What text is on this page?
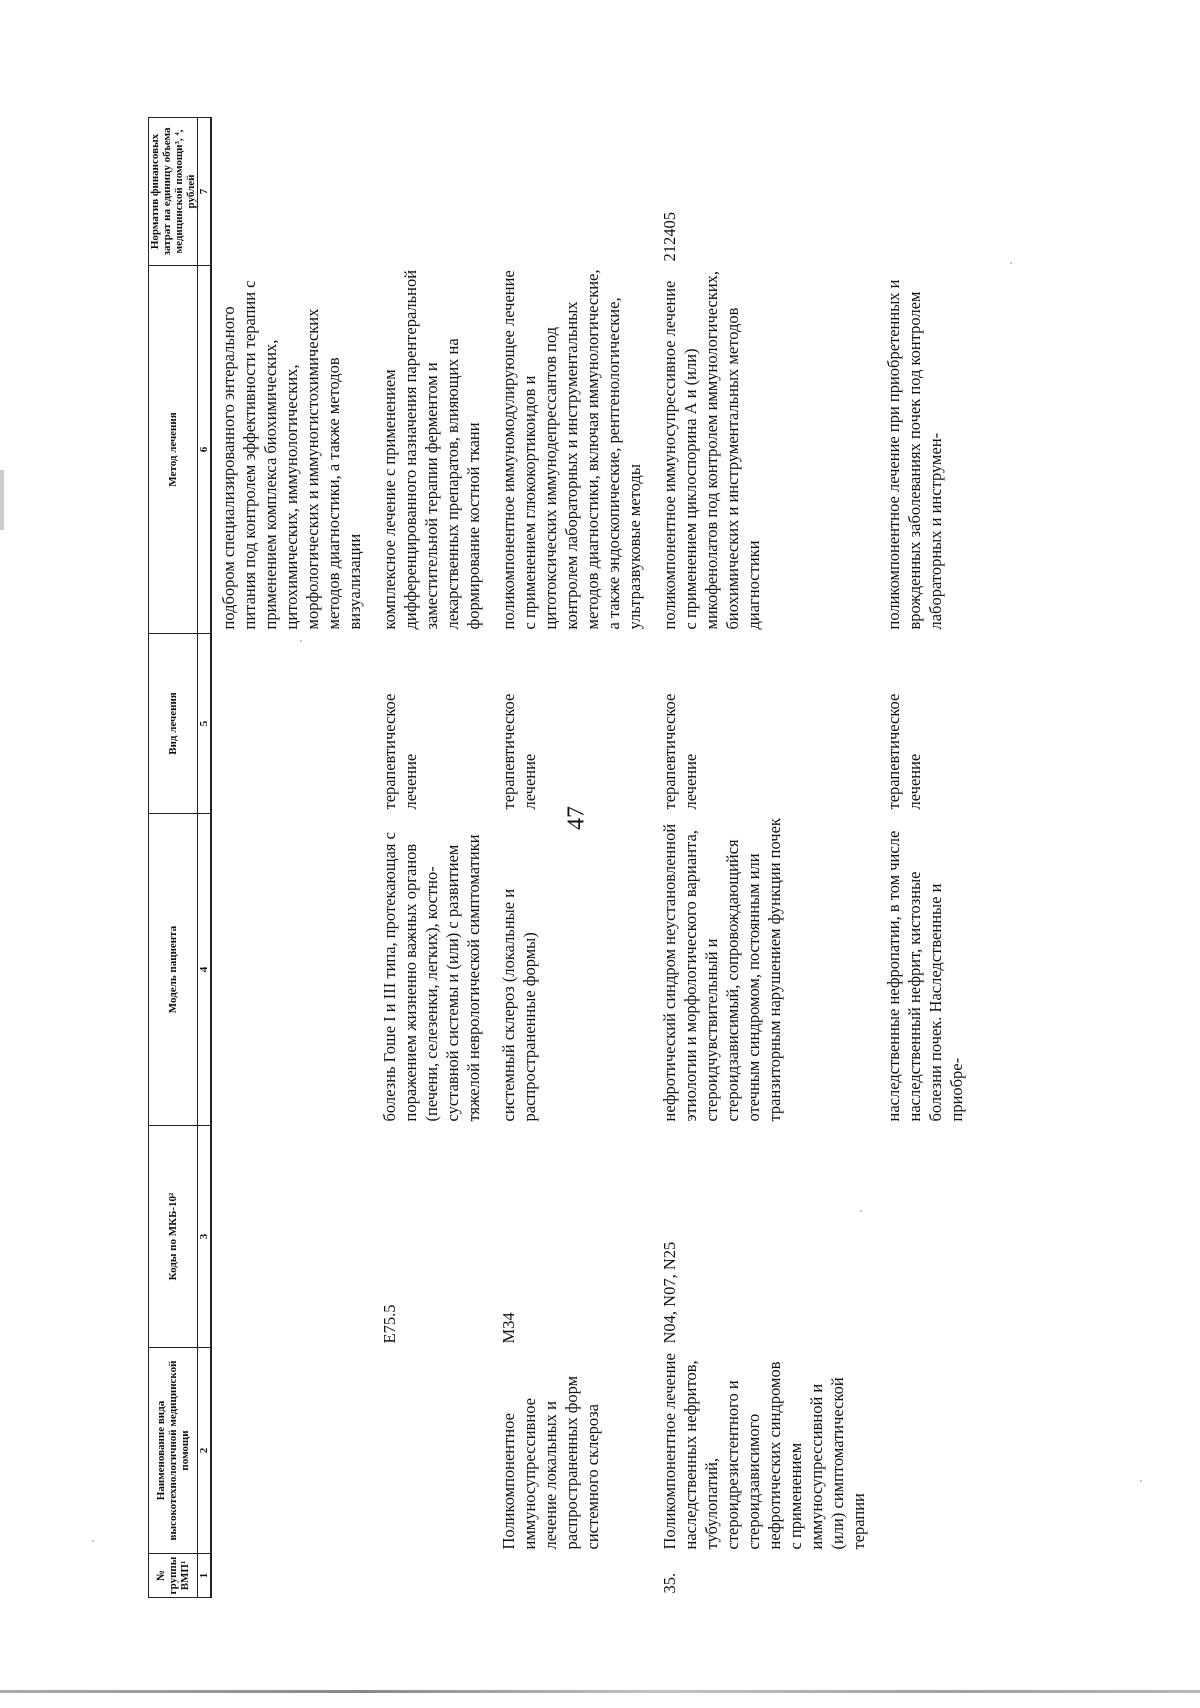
47
№ группы ВМП¹	Наименование вида высокотехнологичной медицинской помощи	Коды по МКБ-10²	Модель пациента	Вид лечения	Метод лечения	Норматив финансовых затрат на единицу объема медицинской помощи³, ⁴, рублей
1	2	3	4	5	6	7
					подбором специализированного энтерального питания под контролем эффективности терапии с применением комплекса биохимических, цитохимических, иммунологических, морфологических и иммуногистохимических методов диагностики, а также методов визуализации	
		E75.5	болезнь Гоше I и III типа, протекающая с поражением жизненно важных органов (печени, селезенки, легких), костно-суставной системы и (или) с развитием тяжелой неврологической симптоматики	терапевтическое лечение	комплексное лечение с применением дифференцированного назначения парентеральной заместительной терапии ферментом и лекарственных препаратов, влияющих на формирование костной ткани	
	Поликомпонентное иммуносупрессивное лечение локальных и распространенных форм системного склероза	M34	системный склероз (локальные и распространенные формы)	терапевтическое лечение	поликомпонентное иммуномодулирующее лечение с применением глюкокортикоидов и цитотоксических иммунодепрессантов под контролем лабораторных и инструментальных методов диагностики, включая иммунологические, а также эндоскопические, рентгенологические, ультразвуковые методы	
35.	Поликомпонентное лечение наследственных нефритов, тубулопатий, стероидрезистентного и стероидзависимого нефротических синдромов с применением иммуносупрессивной и (или) симптоматической терапии	N04, N07, N25	нефротический синдром неустановленной этиологии и морфологического варианта, стероидчувствительный и стероидзависимый, сопровождающийся отечным синдромом, постоянным или транзиторным нарушением функции почек	терапевтическое лечение	поликомпонентное иммуносупрессивное лечение с применением циклоспорина А и (или) микофенолатов под контролем иммунологических, биохимических и инструментальных методов диагностики	212405
			наследственные нефропатии, в том числе наследственный нефрит, кистозные болезни почек. Наследственные и приобре-	терапевтическое лечение	поликомпонентное лечение при приобретенных и врожденных заболеваниях почек под контролем лабораторных и инструмен-	
